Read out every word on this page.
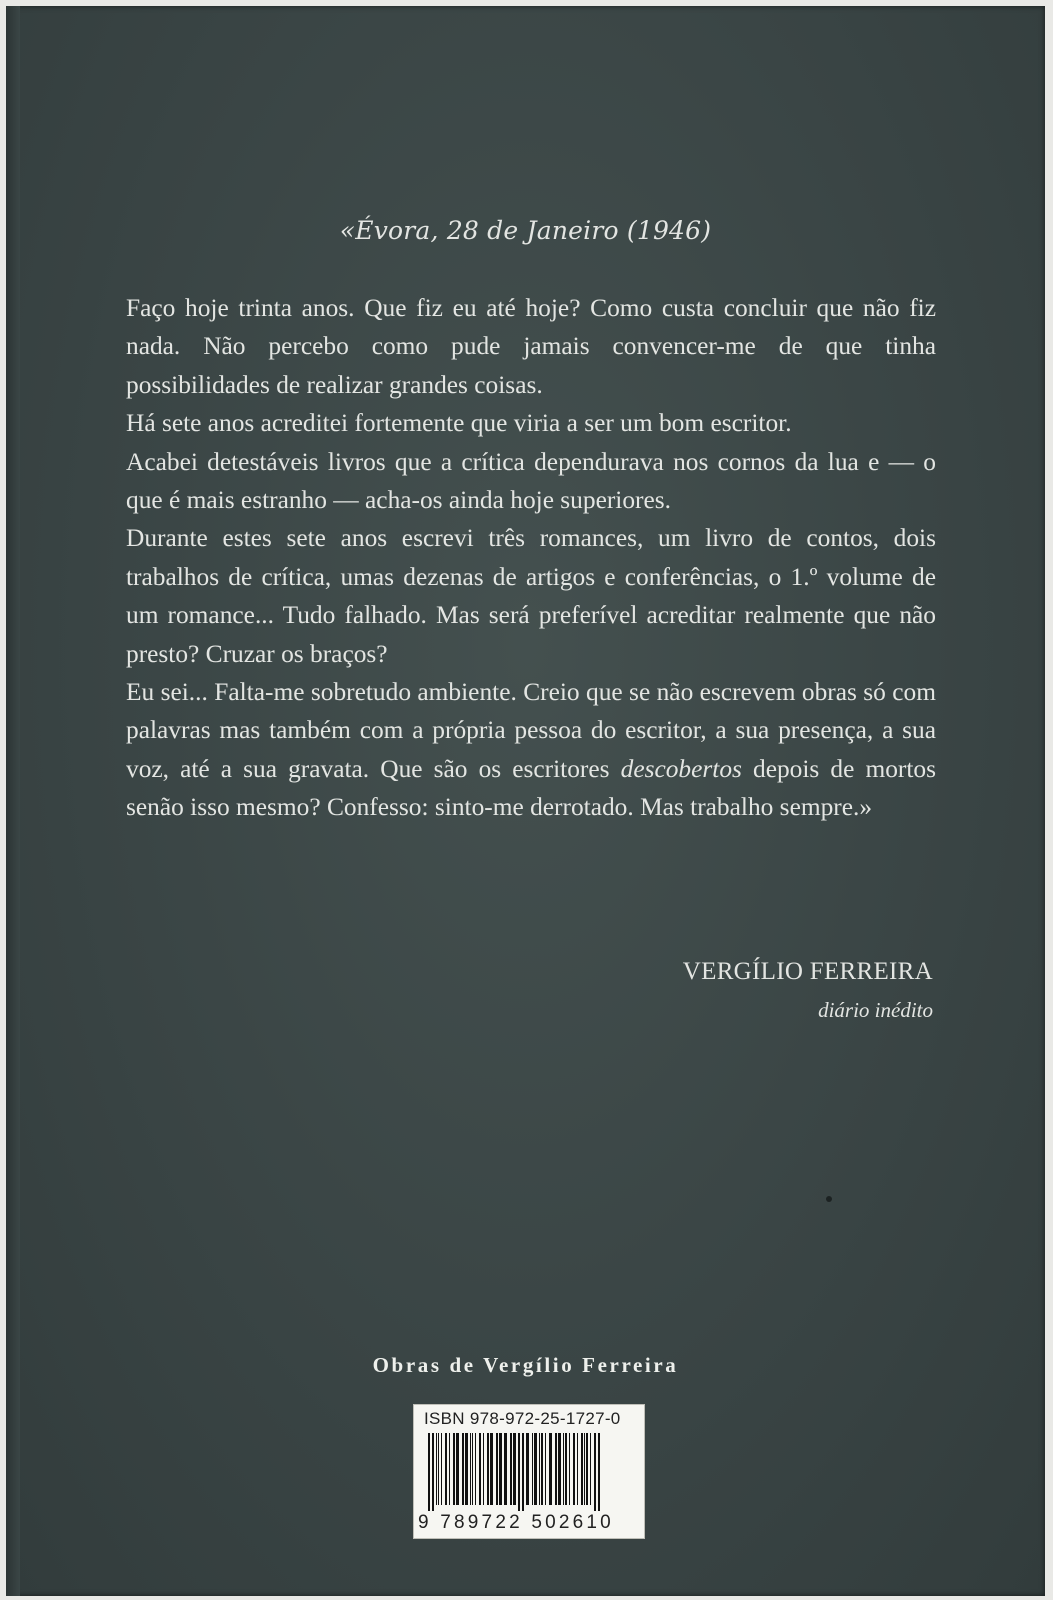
«Évora, 28 de Janeiro (1946)

Faço hoje trinta anos. Que fiz eu até hoje? Como custa concluir que não fiz nada. Não percebo como pude jamais convencer-me de que tinha possibilidades de realizar grandes coisas.

Há sete anos acreditei fortemente que viria a ser um bom escritor.

Acabei detestáveis livros que a crítica dependurava nos cornos da lua e — o que é mais estranho — acha-os ainda hoje superiores.

Durante estes sete anos escrevi três romances, um livro de contos, dois trabalhos de crítica, umas dezenas de artigos e conferências, o 1.º volume de um romance... Tudo falhado. Mas será preferível acreditar realmente que não presto? Cruzar os braços?

Eu sei... Falta-me sobretudo ambiente. Creio que se não escrevem obras só com palavras mas também com a própria pessoa do escritor, a sua presença, a sua voz, até a sua gravata. Que são os escritores descobertos depois de mortos senão isso mesmo? Confesso: sinto-me derrotado. Mas trabalho sempre.»

VERGÍLIO FERREIRA
diário inédito
Obras de Vergílio Ferreira
ISBN 978-972-25-1727-0
9 789722 502610
